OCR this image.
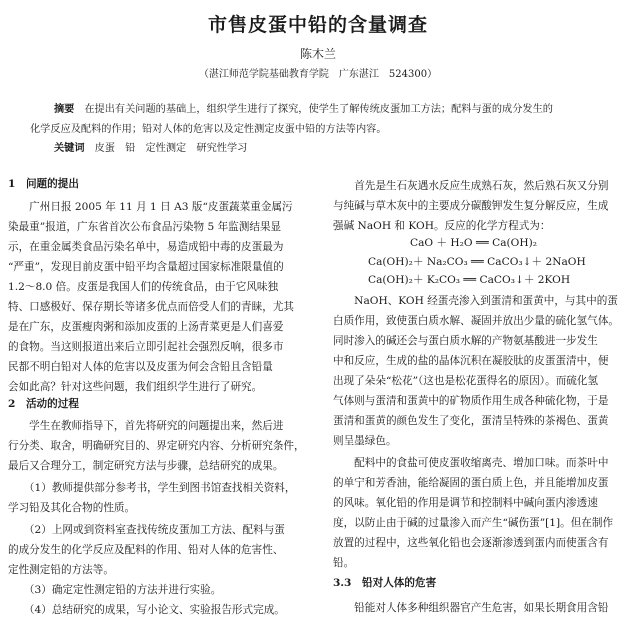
市售皮蛋中铅的含量调查
陈木兰
（湛江师范学院基础教育学院　广东湛江　524300）
摘要 在提出有关问题的基础上，组织学生进行了探究，使学生了解传统皮蛋加工方法；配料与蛋的成分发生的
化学反应及配料的作用；铅对人体的危害以及定性测定皮蛋中铅的方法等内容。
关键词 皮蛋　铅　定性测定　研究性学习
1　问题的提出
　　广州日报 2005 年 11 月 1 日 A3 版“皮蛋蔬菜重金属污
染最重”报道，广东省首次公布食品污染物 5 年监测结果显
示，在重金属类食品污染名单中，易造成铅中毒的皮蛋最为
“严重”，发现目前皮蛋中铅平均含量超过国家标准限量值的
1.2～8.0 倍。皮蛋是我国人们的传统食品，由于它风味独
特、口感极好、保存期长等诸多优点而倍受人们的青睐，尤其
是在广东，皮蛋瘦肉粥和添加皮蛋的上汤青菜更是人们喜爱
的食物。当这则报道出来后立即引起社会强烈反响，很多市
民都不明白铅对人体的危害以及皮蛋为何会含铅且含铅量
会如此高？针对这些问题，我们组织学生进行了研究。
2　活动的过程
　　学生在教师指导下，首先将研究的问题提出来，然后进
行分类、取舍，明确研究目的、界定研究内容、分析研究条件，
最后又合理分工，制定研究方法与步骤，总结研究的成果。
　　（1）教师提供部分参考书，学生到图书馆查找相关资料，
学习铅及其化合物的性质。
　　（2）上网或到资料室查找传统皮蛋加工方法、配料与蛋
的成分发生的化学反应及配料的作用、铅对人体的危害性、
定性测定铅的方法等。
　　（3）确定定性测定铅的方法并进行实验。
　　（4）总结研究的成果，写小论文、实验报告形式完成。
　　首先是生石灰遇水反应生成熟石灰，然后熟石灰又分别
与纯碱与草木灰中的主要成分碳酸钾发生复分解反应，生成
强碱 NaOH 和 KOH。反应的化学方程式为：
CaO ＋ H₂O ══ Ca(OH)₂
Ca(OH)₂＋ Na₂CO₃ ══ CaCO₃↓＋ 2NaOH
Ca(OH)₂＋ K₂CO₃ ══ CaCO₃↓＋ 2KOH
　　NaOH、KOH 经蛋壳渗入到蛋清和蛋黄中，与其中的蛋
白质作用，致使蛋白质水解、凝固并放出少量的硫化氢气体。
同时渗入的碱还会与蛋白质水解的产物氨基酸进一步发生
中和反应，生成的盐的晶体沉积在凝胶肽的皮蛋蛋清中，便
出现了朵朵“松花”（这也是松花蛋得名的原因）。而硫化氢
气体则与蛋清和蛋黄中的矿物质作用生成各种硫化物，于是
蛋清和蛋黄的颜色发生了变化，蛋清呈特殊的茶褐色、蛋黄
则呈墨绿色。
　　配料中的食盐可使皮蛋收缩离壳、增加口味。而茶叶中
的单宁和芳香油，能给凝固的蛋白质上色，并且能增加皮蛋
的风味。氧化铅的作用是调节和控制料中碱向蛋内渗透速
度，以防止由于碱的过量渗入而产生“碱伤蛋”[1]。但在制作
放置的过程中，这些氧化铅也会逐渐渗透到蛋内而使蛋含有
铅。
3.3　铅对人体的危害
　　铅能对人体多种组织器官产生危害，如果长期食用含铅
